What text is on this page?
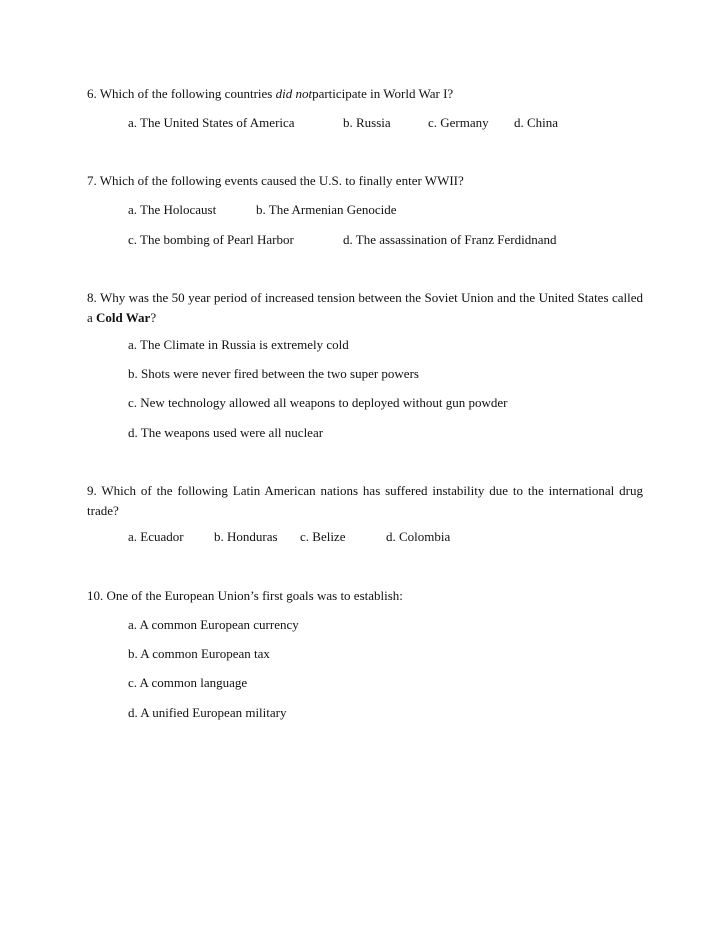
6. Which of the following countries did notparticipate in World War I?
a. The United States of America	b. Russia	c. Germany d. China
7. Which of the following events caused the U.S. to finally enter WWII?
a. The Holocaust	b. The Armenian Genocide
c. The bombing of Pearl Harbor	d. The assassination of Franz Ferdidnand
8. Why was the 50 year period of increased tension between the Soviet Union and the United States called a Cold War?
a. The Climate in Russia is extremely cold
b. Shots were never fired between the two super powers
c. New technology allowed all weapons to deployed without gun powder
d. The weapons used were all nuclear
9. Which of the following Latin American nations has suffered instability due to the international drug trade?
a. Ecuador b. Honduras c. Belize	d. Colombia
10. One of the European Union’s first goals was to establish:
a. A common European currency
b. A common European tax
c. A common language
d. A unified European military
